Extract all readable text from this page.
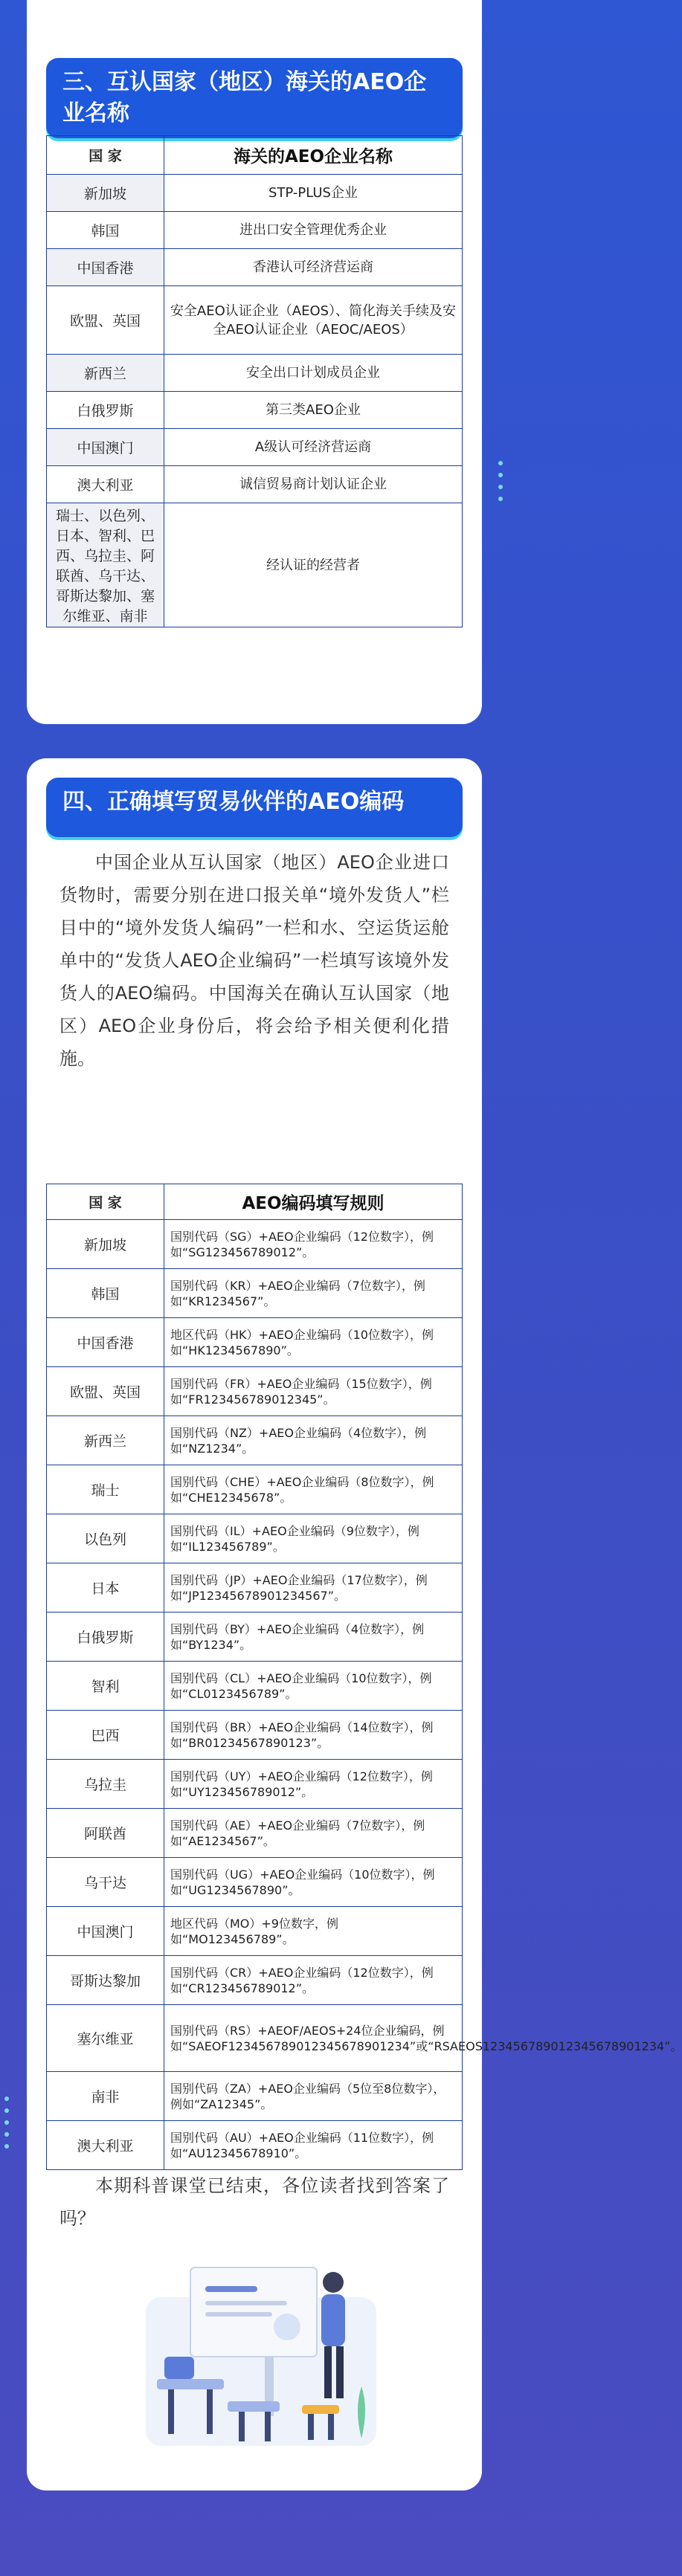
三、互认国家（地区）海关的AEO企业名称
国 家	海关的AEO企业名称
新加坡	STP-PLUS企业
韩国	进出口安全管理优秀企业
中国香港	香港认可经济营运商
欧盟、英国	安全AEO认证企业（AEOS）、简化海关手续及安全AEO认证企业（AEOC/AEOS）
新西兰	安全出口计划成员企业
白俄罗斯	第三类AEO企业
中国澳门	A级认可经济营运商
澳大利亚	诚信贸易商计划认证企业
瑞士、以色列、日本、智利、巴西、乌拉圭、阿联酋、乌干达、哥斯达黎加、塞尔维亚、南非	经认证的经营者
四、正确填写贸易伙伴的AEO编码
中国企业从互认国家（地区）AEO企业进口货物时，需要分别在进口报关单“境外发货人”栏目中的“境外发货人编码”一栏和水、空运货运舱单中的“发货人AEO企业编码”一栏填写该境外发货人的AEO编码。中国海关在确认互认国家（地区）AEO企业身份后，将会给予相关便利化措施。
国 家	AEO编码填写规则
新加坡	国别代码（SG）+AEO企业编码（12位数字），例如“SG123456789012”。
韩国	国别代码（KR）+AEO企业编码（7位数字），例如“KR1234567”。
中国香港	地区代码（HK）+AEO企业编码（10位数字），例如“HK1234567890”。
欧盟、英国	国别代码（FR）+AEO企业编码（15位数字），例如“FR123456789012345”。
新西兰	国别代码（NZ）+AEO企业编码（4位数字），例如“NZ1234”。
瑞士	国别代码（CHE）+AEO企业编码（8位数字），例如“CHE12345678”。
以色列	国别代码（IL）+AEO企业编码（9位数字），例如“IL123456789”。
日本	国别代码（JP）+AEO企业编码（17位数字），例如“JP12345678901234567”。
白俄罗斯	国别代码（BY）+AEO企业编码（4位数字），例如“BY1234”。
智利	国别代码（CL）+AEO企业编码（10位数字），例如“CL0123456789”。
巴西	国别代码（BR）+AEO企业编码（14位数字），例如“BR01234567890123”。
乌拉圭	国别代码（UY）+AEO企业编码（12位数字），例如“UY123456789012”。
阿联酋	国别代码（AE）+AEO企业编码（7位数字），例如“AE1234567”。
乌干达	国别代码（UG）+AEO企业编码（10位数字），例如“UG1234567890”。
中国澳门	地区代码（MO）+9位数字，例如“MO123456789”。
哥斯达黎加	国别代码（CR）+AEO企业编码（12位数字），例如“CR123456789012”。
塞尔维亚	国别代码（RS）+AEOF/AEOS+24位企业编码，例如“SAEOF123456789012345678901234”或“RSAEOS123456789012345678901234”。
南非	国别代码（ZA）+AEO企业编码（5位至8位数字），例如“ZA12345”。
澳大利亚	国别代码（AU）+AEO企业编码（11位数字），例如“AU12345678910”。
本期科普课堂已结束，各位读者找到答案了吗？
